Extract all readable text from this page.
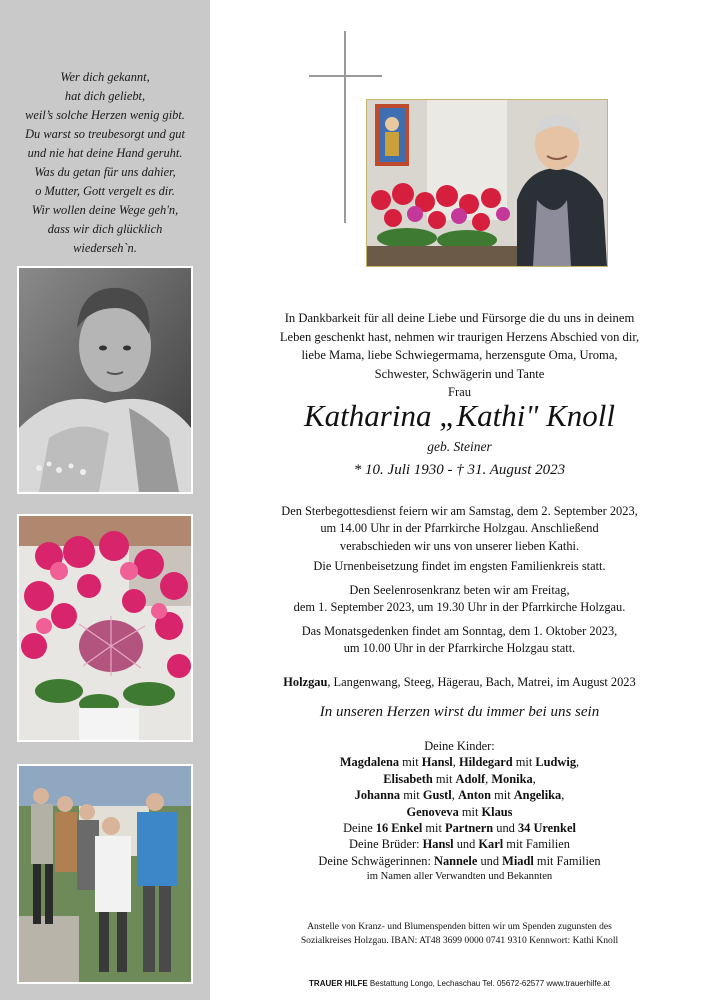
Wer dich gekannt,
hat dich geliebt,
weil’s solche Herzen wenig gibt.
Du warst so treubesorgt und gut
und nie hat deine Hand geruht.
Was du getan für uns dahier,
o Mutter, Gott vergelt es dir.
Wir wollen deine Wege geh'n,
dass wir dich glücklich
wiederseh`n.
In Dankbarkeit für all deine Liebe und Fürsorge die du uns in deinem
Leben geschenkt hast, nehmen wir traurigen Herzens Abschied von dir,
liebe Mama, liebe Schwiegermama, herzensgute Oma, Uroma,
Schwester, Schwägerin und Tante
Frau
Katharina „Kathi" Knoll
geb. Steiner
* 10. Juli 1930 - † 31. August 2023
Den Sterbegottesdienst feiern wir am Samstag, dem 2. September 2023,
um 14.00 Uhr in der Pfarrkirche Holzgau. Anschließend
verabschieden wir uns von unserer lieben Kathi.
Die Urnenbeisetzung findet im engsten Familienkreis statt.
Den Seelenrosenkranz beten wir am Freitag,
dem 1. September 2023, um 19.30 Uhr in der Pfarrkirche Holzgau.
Das Monatsgedenken findet am Sonntag, dem 1. Oktober 2023,
um 10.00 Uhr in der Pfarrkirche Holzgau statt.
Holzgau, Langenwang, Steeg, Hägerau, Bach, Matrei, im August 2023
In unseren Herzen wirst du immer bei uns sein
Deine Kinder:
Magdalena mit Hansl, Hildegard mit Ludwig,
Elisabeth mit Adolf, Monika,
Johanna mit Gustl, Anton mit Angelika,
Genoveva mit Klaus
Deine 16 Enkel mit Partnern und 34 Urenkel
Deine Brüder: Hansl und Karl mit Familien
Deine Schwägerinnen: Nannele und Miadl mit Familien
im Namen aller Verwandten und Bekannten
Anstelle von Kranz- und Blumenspenden bitten wir um Spenden zugunsten des
Sozialkreises Holzgau. IBAN: AT48 3699 0000 0741 9310 Kennwort: Kathi Knoll
TRAUER HILFE Bestattung Longo, Lechaschau Tel. 05672-62577 www.trauerhilfe.at
